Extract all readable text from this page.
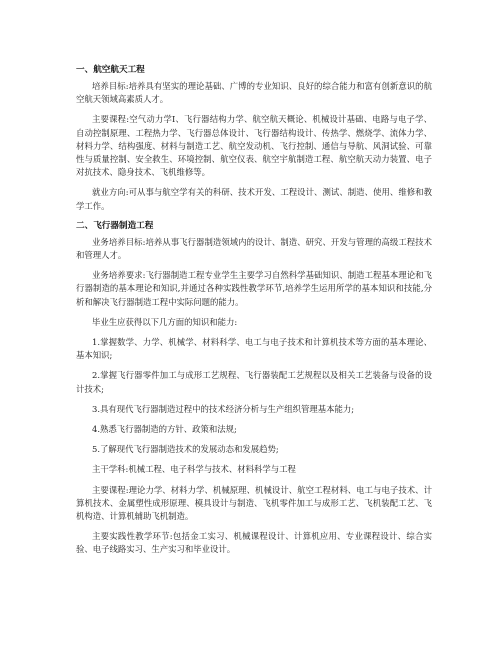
一、航空航天工程

培养目标:培养具有坚实的理论基础、广博的专业知识、良好的综合能力和富有创新意识的航空航天领域高素质人才。

主要课程:空气动力学I、飞行器结构力学、航空航天概论、机械设计基础、电路与电子学、自动控制原理、工程热力学、飞行器总体设计、飞行器结构设计、传热学、燃烧学、流体力学、材料力学、结构强度、材料与制造工艺、航空发动机、飞行控制、通信与导航、风洞试验、可靠性与质量控制、安全救生、环境控制、航空仪表、航空宇航制造工程、航空航天动力装置、电子对抗技术、隐身技术、飞机维修等。

就业方向:可从事与航空学有关的科研、技术开发、工程设计、测试、制造、使用、维修和教学工作。

二、飞行器制造工程

业务培养目标:培养从事飞行器制造领域内的设计、制造、研究、开发与管理的高级工程技术和管理人才。

业务培养要求:飞行器制造工程专业学生主要学习自然科学基础知识、制造工程基本理论和飞行器制造的基本理论和知识,并通过各种实践性教学环节,培养学生运用所学的基本知识和技能,分析和解决飞行器制造工程中实际问题的能力。

毕业生应获得以下几方面的知识和能力:

1.掌握数学、力学、机械学、材料科学、电工与电子技术和计算机技术等方面的基本理论、基本知识;

2.掌握飞行器零件加工与成形工艺规程、飞行器装配工艺规程以及相关工艺装备与设备的设计技术;

3.具有现代飞行器制造过程中的技术经济分析与生产组织管理基本能力;

4.熟悉飞行器制造的方针、政策和法规;

5.了解现代飞行器制造技术的发展动态和发展趋势;

主干学科:机械工程、电子科学与技术、材料科学与工程

主要课程:理论力学、材料力学、机械原理、机械设计、航空工程材料、电工与电子技术、计算机技术、金属塑性成形原理、模具设计与制造、飞机零件加工与成形工艺、飞机装配工艺、飞机构造、计算机辅助飞机制造。

主要实践性教学环节:包括金工实习、机械课程设计、计算机应用、专业课程设计、综合实验、电子线路实习、生产实习和毕业设计。
